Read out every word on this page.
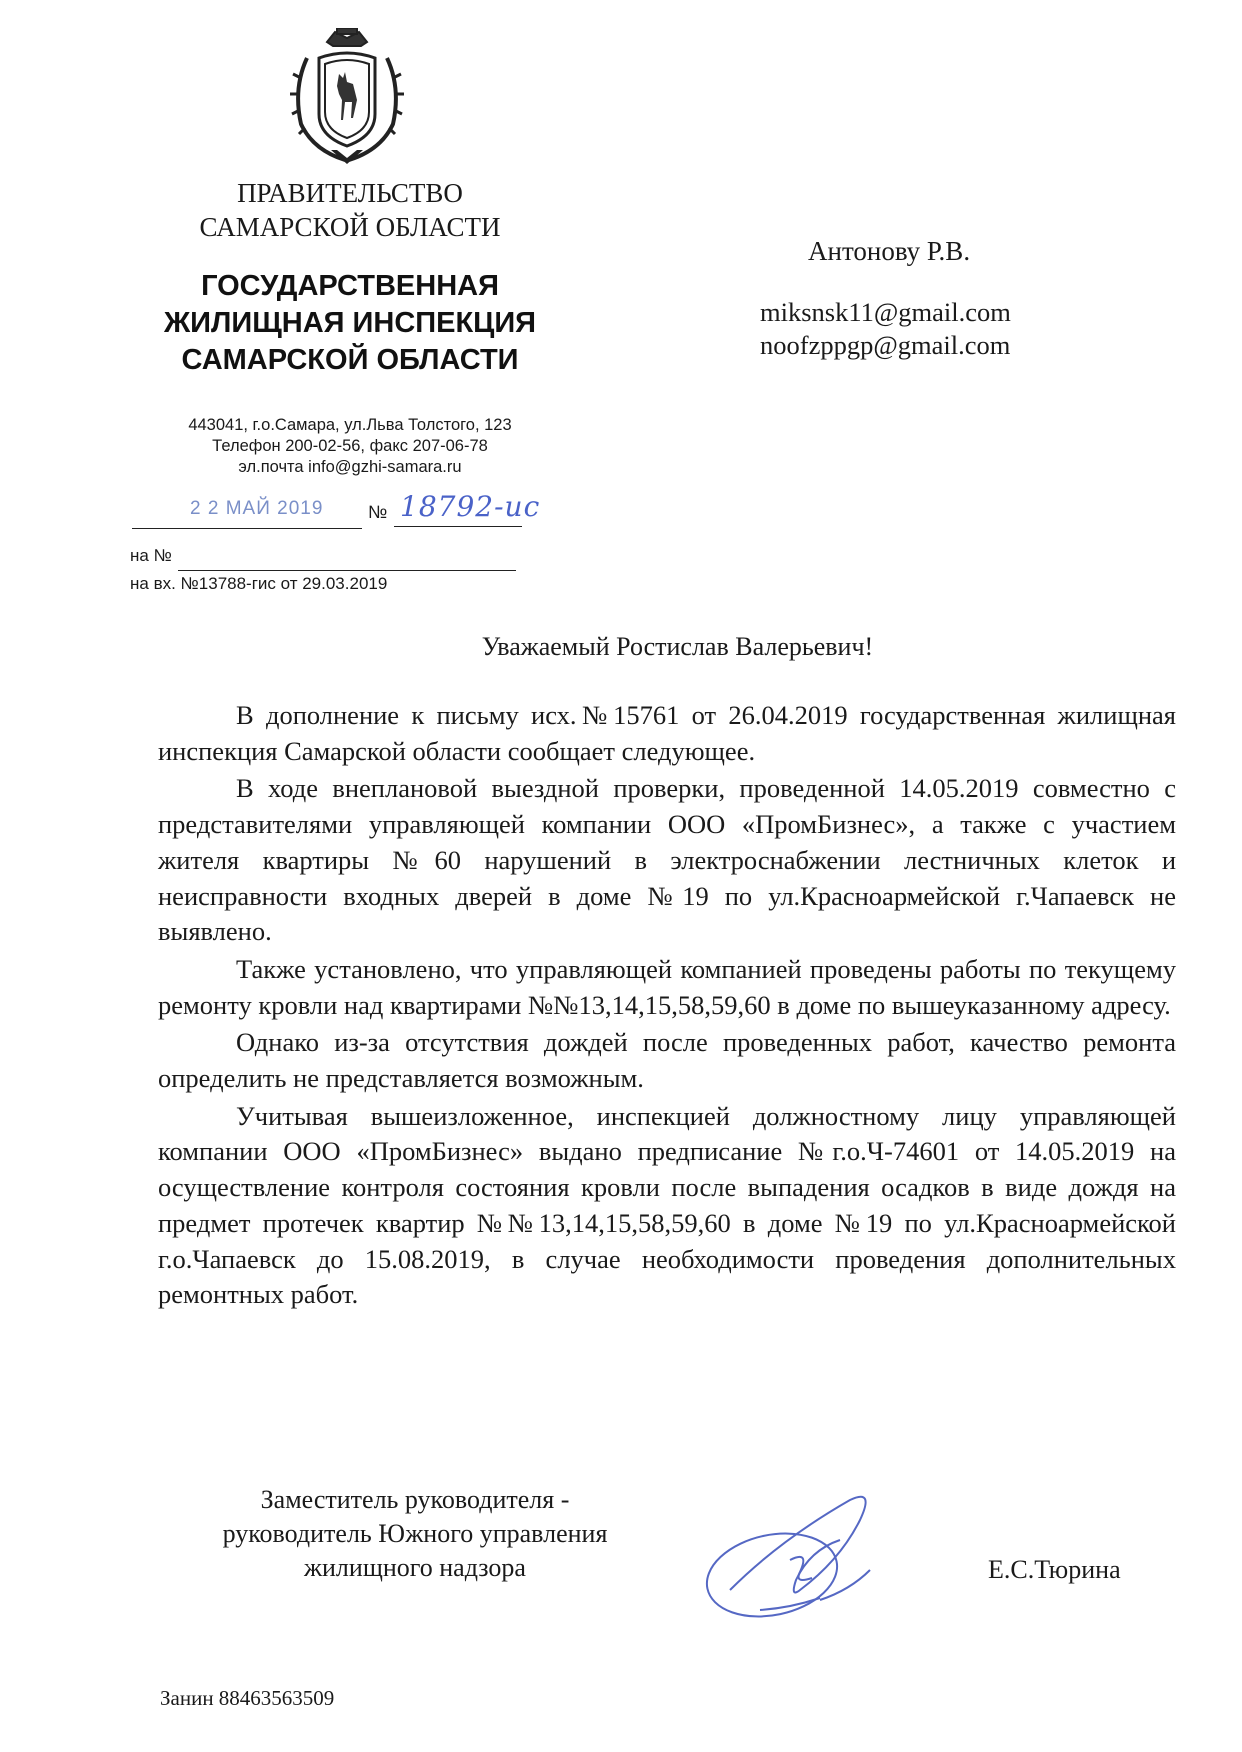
ПРАВИТЕЛЬСТВО
САМАРСКОЙ ОБЛАСТИ
ГОСУДАРСТВЕННАЯ
ЖИЛИЩНАЯ ИНСПЕКЦИЯ
САМАРСКОЙ ОБЛАСТИ
443041, г.о.Самара, ул.Льва Толстого, 123
Телефон 200-02-56, факс 207-06-78
эл.почта info@gzhi-samara.ru
2 2 МАЙ 2019 № 18792-ис
на №
на вх. №13788-гис от 29.03.2019
Антонову Р.В.
miksnsk11@gmail.com
noofzppgp@gmail.com
Уважаемый Ростислав Валерьевич!

В дополнение к письму исх.№15761 от 26.04.2019 государственная жилищная инспекция Самарской области сообщает следующее.

В ходе внеплановой выездной проверки, проведенной 14.05.2019 совместно с представителями управляющей компании ООО «ПромБизнес», а также с участием жителя квартиры №60 нарушений в электроснабжении лестничных клеток и неисправности входных дверей в доме №19 по ул.Красноармейской г.Чапаевск не выявлено.

Также установлено, что управляющей компанией проведены работы по текущему ремонту кровли над квартирами №№13,14,15,58,59,60 в доме по вышеуказанному адресу.

Однако из-за отсутствия дождей после проведенных работ, качество ремонта определить не представляется возможным.

Учитывая вышеизложенное, инспекцией должностному лицу управляющей компании ООО «ПромБизнес» выдано предписание №г.о.Ч-74601 от 14.05.2019 на осуществление контроля состояния кровли после выпадения осадков в виде дождя на предмет протечек квартир №№13,14,15,58,59,60 в доме №19 по ул.Красноармейской г.о.Чапаевск до 15.08.2019, в случае необходимости проведения дополнительных ремонтных работ.

Заместитель руководителя -
руководитель Южного управления
жилищного надзора	Е.С.Тюрина
Занин 88463563509
